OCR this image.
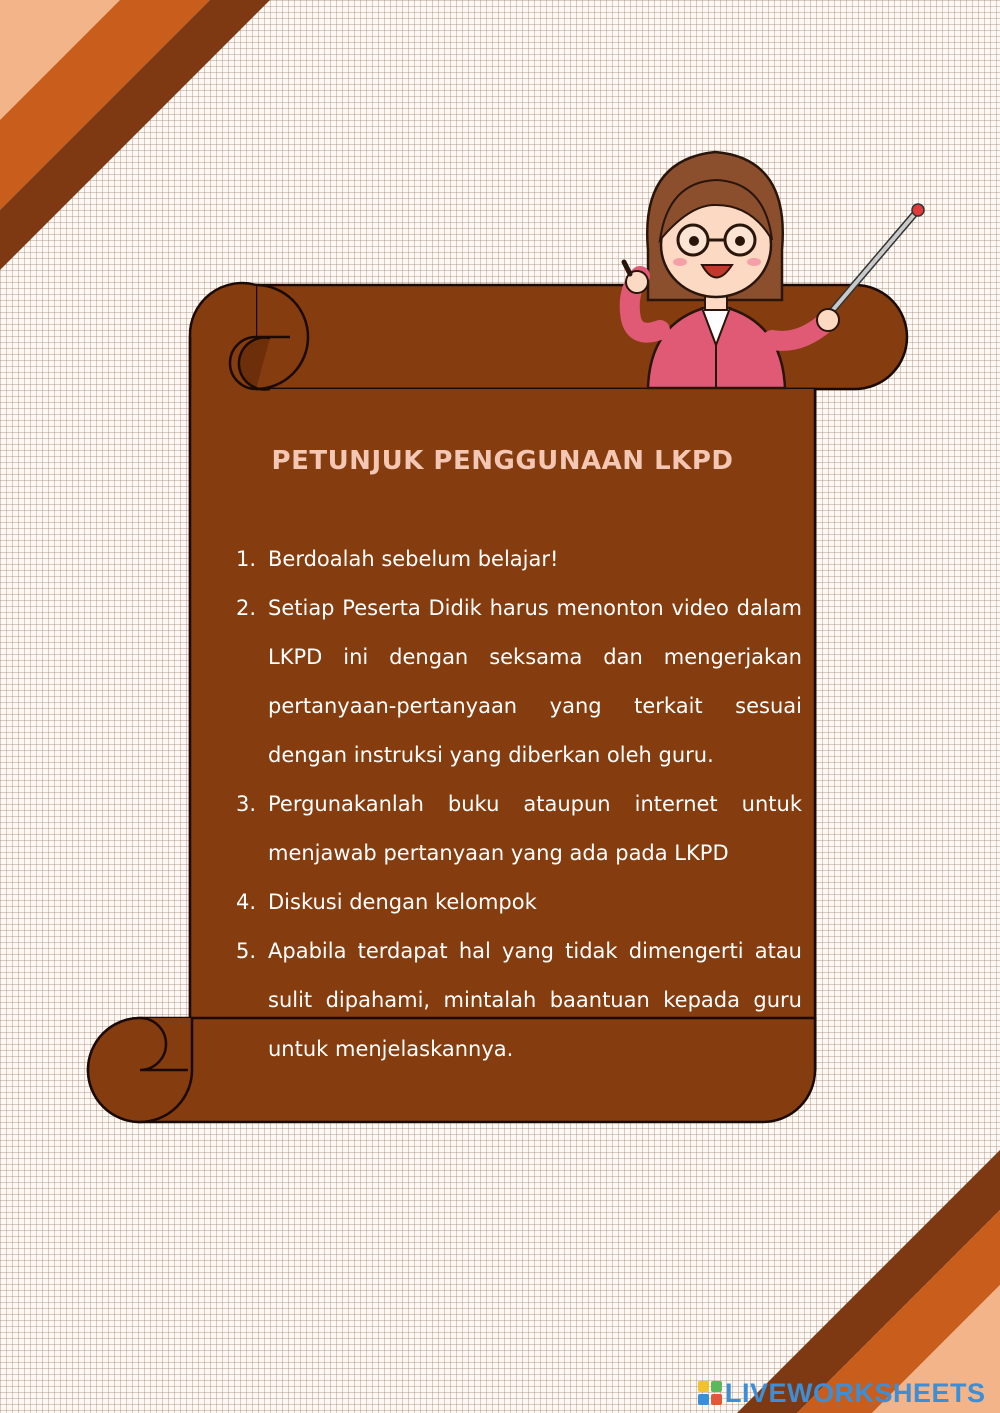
PETUNJUK PENGGUNAAN LKPD
1. Berdoalah sebelum belajar!
2. Setiap Peserta Didik harus menonton video dalam LKPD ini dengan seksama dan mengerjakan pertanyaan-pertanyaan yang terkait sesuai dengan instruksi yang diberkan oleh guru.
3. Pergunakanlah buku ataupun internet untuk menjawab pertanyaan yang ada pada LKPD
4. Diskusi dengan kelompok
5. Apabila terdapat hal yang tidak dimengerti atau sulit dipahami, mintalah baantuan kepada guru untuk menjelaskannya.
LIVEWORKSHEETS
